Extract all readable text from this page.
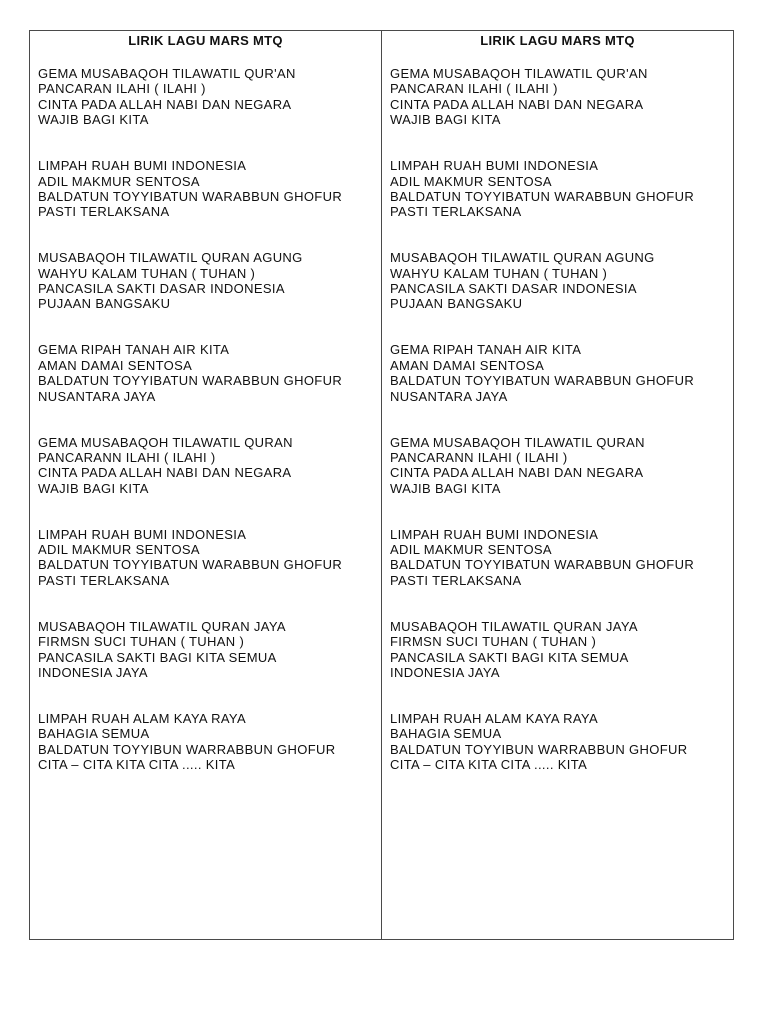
LIRIK LAGU MARS MTQ
GEMA MUSABAQOH TILAWATIL QUR'AN
PANCARAN ILAHI ( ILAHI )
CINTA PADA ALLAH NABI DAN NEGARA
WAJIB BAGI KITA
LIMPAH RUAH BUMI INDONESIA
ADIL MAKMUR SENTOSA
BALDATUN TOYYIBATUN WARABBUN GHOFUR
PASTI TERLAKSANA
MUSABAQOH TILAWATIL QURAN AGUNG
WAHYU KALAM TUHAN ( TUHAN )
PANCASILA SAKTI DASAR INDONESIA
PUJAAN BANGSAKU
GEMA RIPAH TANAH AIR KITA
AMAN DAMAI SENTOSA
BALDATUN TOYYIBATUN WARABBUN GHOFUR
NUSANTARA JAYA
GEMA MUSABAQOH TILAWATIL QURAN
PANCARANN ILAHI ( ILAHI )
CINTA PADA ALLAH NABI DAN NEGARA
WAJIB BAGI KITA
LIMPAH RUAH BUMI INDONESIA
ADIL MAKMUR SENTOSA
BALDATUN TOYYIBATUN WARABBUN GHOFUR
PASTI TERLAKSANA
MUSABAQOH TILAWATIL QURAN JAYA
FIRMSN SUCI TUHAN ( TUHAN )
PANCASILA SAKTI BAGI KITA SEMUA
INDONESIA JAYA
LIMPAH RUAH ALAM KAYA RAYA
BAHAGIA SEMUA
BALDATUN TOYYIBUN WARRABBUN GHOFUR
CITA – CITA KITA CITA ..... KITA
LIRIK LAGU MARS MTQ
GEMA MUSABAQOH TILAWATIL QUR'AN
PANCARAN ILAHI ( ILAHI )
CINTA PADA ALLAH NABI DAN NEGARA
WAJIB BAGI KITA
LIMPAH RUAH BUMI INDONESIA
ADIL MAKMUR SENTOSA
BALDATUN TOYYIBATUN WARABBUN GHOFUR
PASTI TERLAKSANA
MUSABAQOH TILAWATIL QURAN AGUNG
WAHYU KALAM TUHAN ( TUHAN )
PANCASILA SAKTI DASAR INDONESIA
PUJAAN BANGSAKU
GEMA RIPAH TANAH AIR KITA
AMAN DAMAI SENTOSA
BALDATUN TOYYIBATUN WARABBUN GHOFUR
NUSANTARA JAYA
GEMA MUSABAQOH TILAWATIL QURAN
PANCARANN ILAHI ( ILAHI )
CINTA PADA ALLAH NABI DAN NEGARA
WAJIB BAGI KITA
LIMPAH RUAH BUMI INDONESIA
ADIL MAKMUR SENTOSA
BALDATUN TOYYIBATUN WARABBUN GHOFUR
PASTI TERLAKSANA
MUSABAQOH TILAWATIL QURAN JAYA
FIRMSN SUCI TUHAN ( TUHAN )
PANCASILA SAKTI BAGI KITA SEMUA
INDONESIA JAYA
LIMPAH RUAH ALAM KAYA RAYA
BAHAGIA SEMUA
BALDATUN TOYYIBUN WARRABBUN GHOFUR
CITA – CITA KITA CITA ..... KITA
